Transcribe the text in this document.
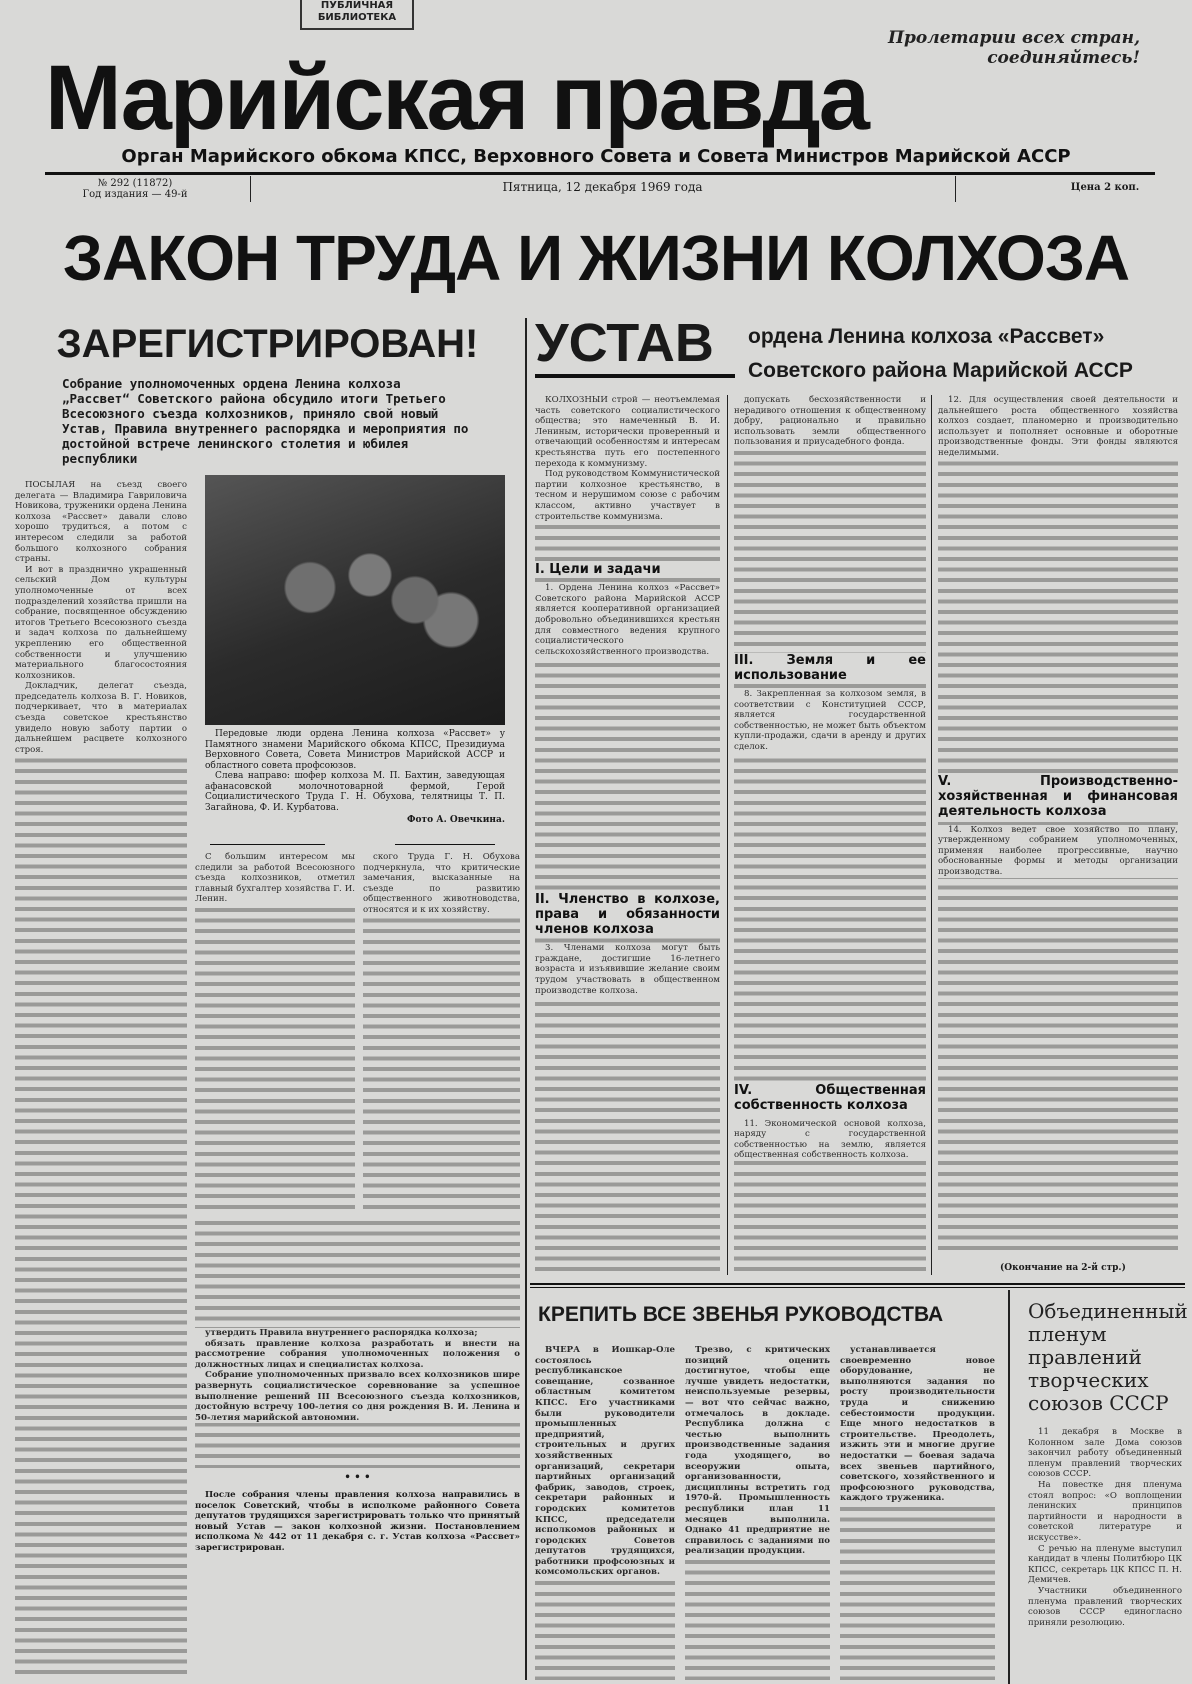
ПУБЛИЧНАЯ БИБЛИОТЕКА
Пролетарии всех стран, соединяйтесь!
Марийская правда
Орган Марийского обкома КПСС, Верховного Совета и Совета Министров Марийской АССР
№ 292 (11872)
Год издания — 49-й
Пятница, 12 декабря 1969 года	Цена 2 коп.
ЗАКОН ТРУДА И ЖИЗНИ КОЛХОЗА
ЗАРЕГИСТРИРОВАН!
Собрание уполномоченных ордена Ленина колхоза „Рассвет“ Советского района обсудило итоги Третьего Всесоюзного съезда колхозников, приняло свой новый Устав, Правила внутреннего распорядка и мероприятия по достойной встрече ленинского столетия и юбилея республики

ПОСЫЛАЯ на съезд своего делегата — Владимира Гавриловича Новикова, труженики ордена Ленина колхоза «Рассвет» давали слово хорошо трудиться, а потом с интересом следили за работой большого колхозного собрания страны.

И вот в празднично украшенный сельский Дом культуры уполномоченные от всех подразделений хозяйства пришли на собрание, посвященное обсуждению итогов Третьего Всесоюзного съезда и задач колхоза по дальнейшему укреплению его общественной собственности и улучшению материального благосостояния колхозников.

Докладчик, делегат съезда, председатель колхоза В. Г. Новиков, подчеркивает, что в материалах съезда советское крестьянство увидело новую заботу партии о дальнейшем расцвете колхозного строя.

Передовые люди ордена Ленина колхоза «Рассвет» у Памятного знамени Марийского обкома КПСС, Президиума Верховного Совета, Совета Министров Марийской АССР и областного совета профсоюзов.
Слева направо: шофер колхоза М. П. Бахтин, заведующая афанасовской молочнотоварной фермой, Герой Социалистического Труда Г. Н. Обухова, телятницы Т. П. Загайнова, Ф. И. Курбатова.
Фото А. Овечкина.

С большим интересом мы следили за работой Всесоюзного съезда колхозников, отметил главный бухгалтер хозяйства Г. И. Ленин.

ского Труда Г. Н. Обухова подчеркнула, что критические замечания, высказанные на съезде по развитию общественного животноводства, относятся и к их хозяйству.

утвердить Правила внутреннего распорядка колхоза;

обязать правление колхоза разработать и внести на рассмотрение собрания уполномоченных положения о должностных лицах и специалистах колхоза.

Собрание уполномоченных призвало всех колхозников шире развернуть социалистическое соревнование за успешное выполнение решений III Всесоюзного съезда колхозников, достойную встречу 100-летия со дня рождения В. И. Ленина и 50-летия марийской автономии.

• • •
После собрания члены правления колхоза направились в поселок Советский, чтобы в исполкоме районного Совета депутатов трудящихся зарегистрировать только что принятый новый Устав — закон колхозной жизни. Постановлением исполкома № 442 от 11 декабря с. г. Устав колхоза «Рассвет» зарегистрирован.
УСТАВ	ордена Ленина колхоза «Рассвет»
Советского района Марийской АССР

КОЛХОЗНЫЙ строй — неотъемлемая часть советского социалистического общества; это намеченный В. И. Лениным, исторически проверенный и отвечающий особенностям и интересам крестьянства путь его постепенного перехода к коммунизму.

Под руководством Коммунистической партии колхозное крестьянство, в тесном и нерушимом союзе с рабочим классом, активно участвует в строительстве коммунизма.

I. Цели и задачи

1. Ордена Ленина колхоз «Рассвет» Советского района Марийской АССР является кооперативной организацией добровольно объединившихся крестьян для совместного ведения крупного социалистического сельскохозяйственного производства.

II. Членство в колхозе, права и обязанности членов колхоза

3. Членами колхоза могут быть граждане, достигшие 16-летнего возраста и изъявившие желание своим трудом участвовать в общественном производстве колхоза.

допускать бесхозяйственности и нерадивого отношения к общественному добру, рационально и правильно использовать земли общественного пользования и приусадебного фонда.

III. Земля и ее использование

8. Закрепленная за колхозом земля, в соответствии с Конституцией СССР, является государственной собственностью, не может быть объектом купли-продажи, сдачи в аренду и других сделок.

IV. Общественная собственность колхоза

11. Экономической основой колхоза, наряду с государственной собственностью на землю, является общественная собственность колхоза.

12. Для осуществления своей деятельности и дальнейшего роста общественного хозяйства колхоз создает, планомерно и производительно использует и пополняет основные и оборотные производственные фонды. Эти фонды являются неделимыми.

V. Производственно-хозяйственная и финансовая деятельность колхоза

14. Колхоз ведет свое хозяйство по плану, утвержденному собранием уполномоченных, применяя наиболее прогрессивные, научно обоснованные формы и методы организации производства.

(Окончание на 2-й стр.)
КРЕПИТЬ ВСЕ ЗВЕНЬЯ РУКОВОДСТВА

ВЧЕРА в Йошкар-Оле состоялось республиканское совещание, созванное областным комитетом КПСС. Его участниками были руководители промышленных предприятий, строительных и других хозяйственных организаций, секретари партийных организаций фабрик, заводов, строек, секретари районных и городских комитетов КПСС, председатели исполкомов районных и городских Советов депутатов трудящихся, работники профсоюзных и комсомольских органов.

Трезво, с критических позиций оценить достигнутое, чтобы еще лучше увидеть недостатки, неиспользуемые резервы, — вот что сейчас важно, отмечалось в докладе. Республика должна с честью выполнить производственные задания года уходящего, во всеоружии опыта, организованности, дисциплины встретить год 1970-й. Промышленность республики план 11 месяцев выполнила. Однако 41 предприятие не справилось с заданиями по реализации продукции.

устанавливается своевременно новое оборудование, не выполняются задания по росту производительности труда и снижению себестоимости продукции. Еще много недостатков в строительстве. Преодолеть, изжить эти и многие другие недостатки — боевая задача всех звеньев партийного, советского, хозяйственного и профсоюзного руководства, каждого труженика.

Объединенный пленум правлений творческих союзов СССР

11 декабря в Москве в Колонном зале Дома союзов закончил работу объединенный пленум правлений творческих союзов СССР.

На повестке дня пленума стоял вопрос: «О воплощении ленинских принципов партийности и народности в советской литературе и искусстве».

С речью на пленуме выступил кандидат в члены Политбюро ЦК КПСС, секретарь ЦК КПСС П. Н. Демичев.

Участники объединенного пленума правлений творческих союзов СССР единогласно приняли резолюцию.
